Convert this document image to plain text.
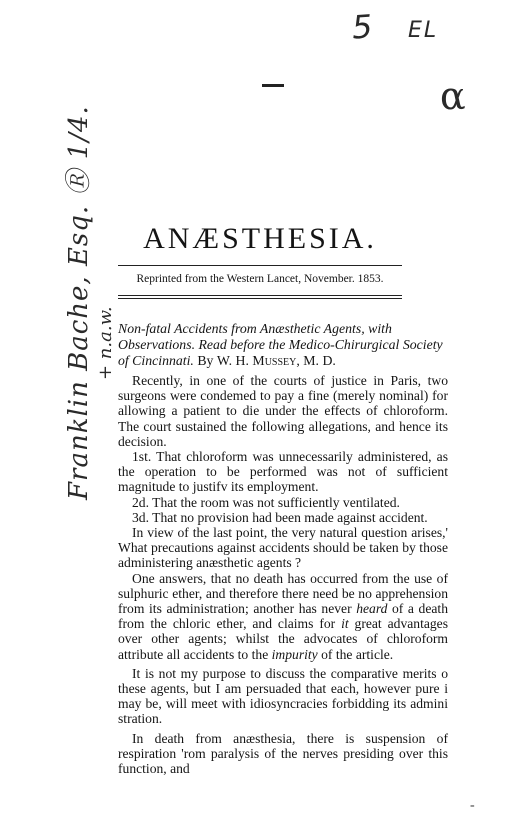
5 EL
α
Franklin Bache, Esq. Ⓡ 1/4. + n.a.w.
ANÆSTHESIA.
Reprinted from the Western Lancet, November. 1853.
Non-fatal Accidents from Anæsthetic Agents, with Observations. Read before the Medico-Chirurgical Society of Cincinnati. By W. H. Mussey, M. D.

Recently, in one of the courts of justice in Paris, two surgeons were condemed to pay a fine (merely nominal) for allowing a patient to die under the effects of chloroform. The court sustained the following allegations, and hence its decision.

1st. That chloroform was unnecessarily administered, as the operation to be performed was not of sufficient magnitude to justifv its employment.

2d. That the room was not sufficiently ventilated.

3d. That no provision had been made against accident.

In view of the last point, the very natural question arises,' What precautions against accidents should be taken by those administering anæsthetic agents ?

One answers, that no death has occurred from the use of sulphuric ether, and therefore there need be no apprehension from its administration; another has never heard of a death from the chloric ether, and claims for it great advantages over other agents; whilst the advocates of chloroform attribute all accidents to the impurity of the article.

It is not my purpose to discuss the comparative merits o these agents, but I am persuaded that each, however pure i may be, will meet with idiosyncracies forbidding its admini stration.

In death from anæsthesia, there is suspension of respiration 'rom paralysis of the nerves presiding over this function, and

-
